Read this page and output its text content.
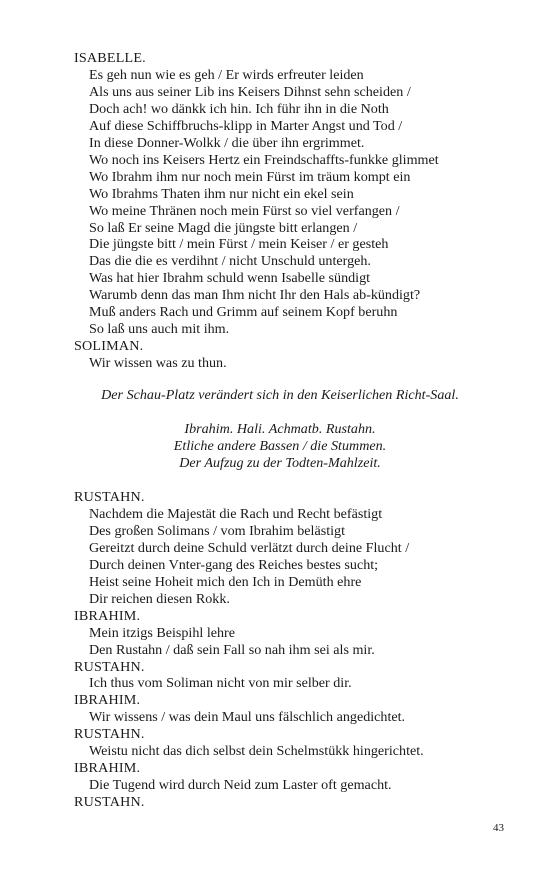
ISABELLE.
Es geh nun wie es geh / Er wirds erfreuter leiden
Als uns aus seiner Lib ins Keisers Dihnst sehn scheiden /
Doch ach! wo dänkk ich hin. Ich führ ihn in die Noth
Auf diese Schiffbruchs-klipp in Marter Angst und Tod /
In diese Donner-Wolkk / die über ihn ergrimmet.
Wo noch ins Keisers Hertz ein Freindschaffts-funkke glimmet
Wo Ibrahm ihm nur noch mein Fürst im träum kompt ein
Wo Ibrahms Thaten ihm nur nicht ein ekel sein
Wo meine Thränen noch mein Fürst so viel verfangen /
So laß Er seine Magd die jüngste bitt erlangen /
Die jüngste bitt / mein Fürst / mein Keiser / er gesteh
Das die die es verdihnt / nicht Unschuld untergeh.
Was hat hier Ibrahm schuld wenn Isabelle sündigt
Warumb denn das man Ihm nicht Ihr den Hals ab-kündigt?
Muß anders Rach und Grimm auf seinem Kopf beruhn
So laß uns auch mit ihm.
SOLIMAN.
Wir wissen was zu thun.
Der Schau-Platz verändert sich in den Keiserlichen Richt-Saal.
Ibrahim. Hali. Achmatb. Rustahn.
Etliche andere Bassen / die Stummen.
Der Aufzug zu der Todten-Mahlzeit.
RUSTAHN.
Nachdem die Majestät die Rach und Recht befästigt
Des großen Solimans / vom Ibrahim belästigt
Gereitzt durch deine Schuld verlätzt durch deine Flucht /
Durch deinen Vnter-gang des Reiches bestes sucht;
Heist seine Hoheit mich den Ich in Demüth ehre
Dir reichen diesen Rokk.
IBRAHIM.
Mein itzigs Beispihl lehre
Den Rustahn / daß sein Fall so nah ihm sei als mir.
RUSTAHN.
Ich thus vom Soliman nicht von mir selber dir.
IBRAHIM.
Wir wissens / was dein Maul uns fälschlich angedichtet.
RUSTAHN.
Weistu nicht das dich selbst dein Schelmstükk hingerichtet.
IBRAHIM.
Die Tugend wird durch Neid zum Laster oft gemacht.
RUSTAHN.
43
